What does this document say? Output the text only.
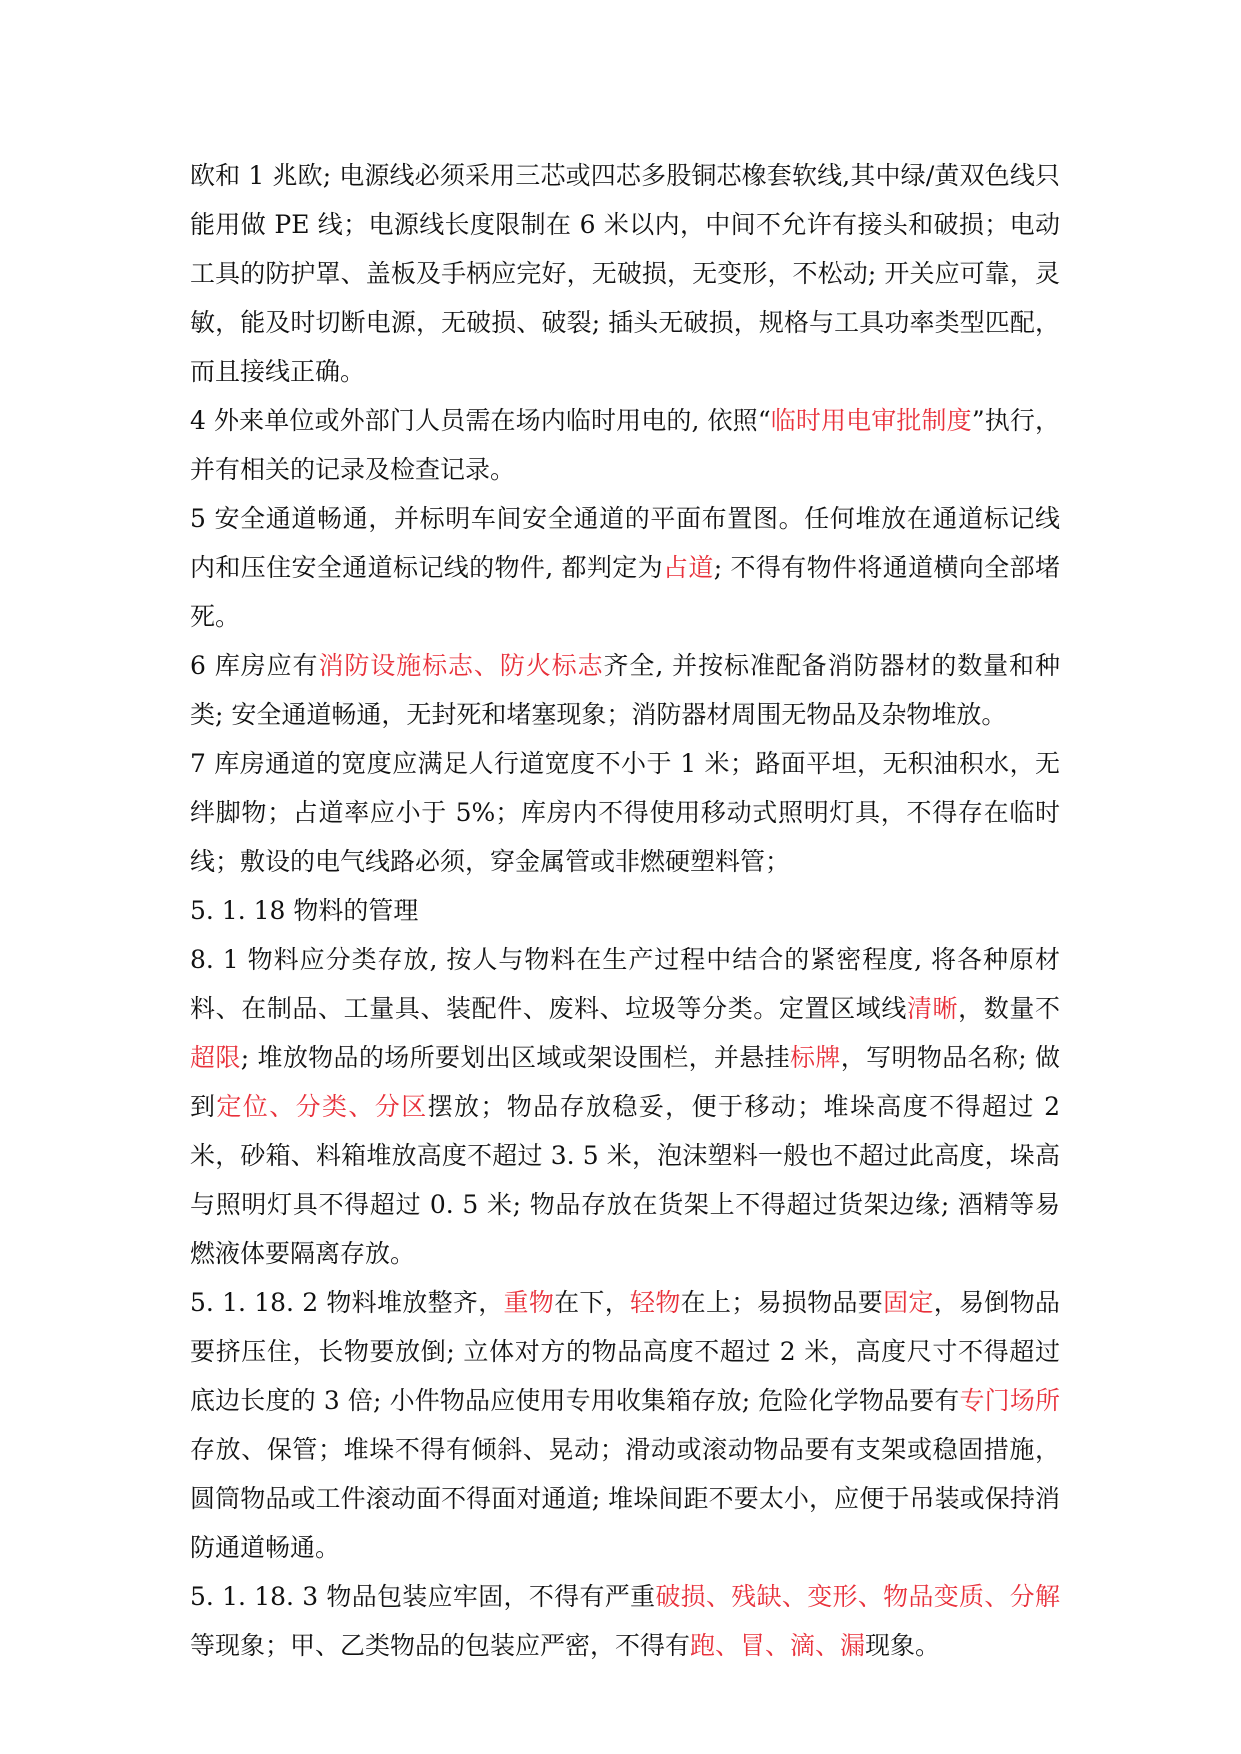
欧和 1 兆欧; 电源线必须采用三芯或四芯多股铜芯橡套软线,其中绿/黄双色线只能用做 PE 线；电源线长度限制在 6 米以内，中间不允许有接头和破损；电动工具的防护罩、盖板及手柄应完好，无破损，无变形，不松动; 开关应可靠，灵敏，能及时切断电源，无破损、破裂; 插头无破损，规格与工具功率类型匹配，而且接线正确。

4 外来单位或外部门人员需在场内临时用电的, 依照“临时用电审批制度”执行，并有相关的记录及检查记录。

5 安全通道畅通，并标明车间安全通道的平面布置图。任何堆放在通道标记线内和压住安全通道标记线的物件, 都判定为占道; 不得有物件将通道横向全部堵死。

6 库房应有消防设施标志、防火标志齐全, 并按标准配备消防器材的数量和种类; 安全通道畅通，无封死和堵塞现象；消防器材周围无物品及杂物堆放。

7 库房通道的宽度应满足人行道宽度不小于 1 米；路面平坦，无积油积水，无绊脚物；占道率应小于 5%；库房内不得使用移动式照明灯具，不得存在临时线；敷设的电气线路必须，穿金属管或非燃硬塑料管；

5. 1. 18 物料的管理

8. 1 物料应分类存放, 按人与物料在生产过程中结合的紧密程度, 将各种原材料、在制品、工量具、装配件、废料、垃圾等分类。定置区域线清晰，数量不超限; 堆放物品的场所要划出区域或架设围栏，并悬挂标牌，写明物品名称; 做到定位、分类、分区摆放；物品存放稳妥，便于移动；堆垛高度不得超过 2 米，砂箱、料箱堆放高度不超过 3. 5 米，泡沫塑料一般也不超过此高度，垛高与照明灯具不得超过 0. 5 米; 物品存放在货架上不得超过货架边缘; 酒精等易燃液体要隔离存放。

5. 1. 18. 2 物料堆放整齐，重物在下，轻物在上；易损物品要固定，易倒物品要挤压住，长物要放倒; 立体对方的物品高度不超过 2 米，高度尺寸不得超过底边长度的 3 倍; 小件物品应使用专用收集箱存放; 危险化学物品要有专门场所存放、保管；堆垛不得有倾斜、晃动；滑动或滚动物品要有支架或稳固措施，圆筒物品或工件滚动面不得面对通道; 堆垛间距不要太小，应便于吊装或保持消防通道畅通。

5. 1. 18. 3 物品包装应牢固，不得有严重破损、残缺、变形、物品变质、分解等现象；甲、乙类物品的包装应严密，不得有跑、冒、滴、漏现象。
